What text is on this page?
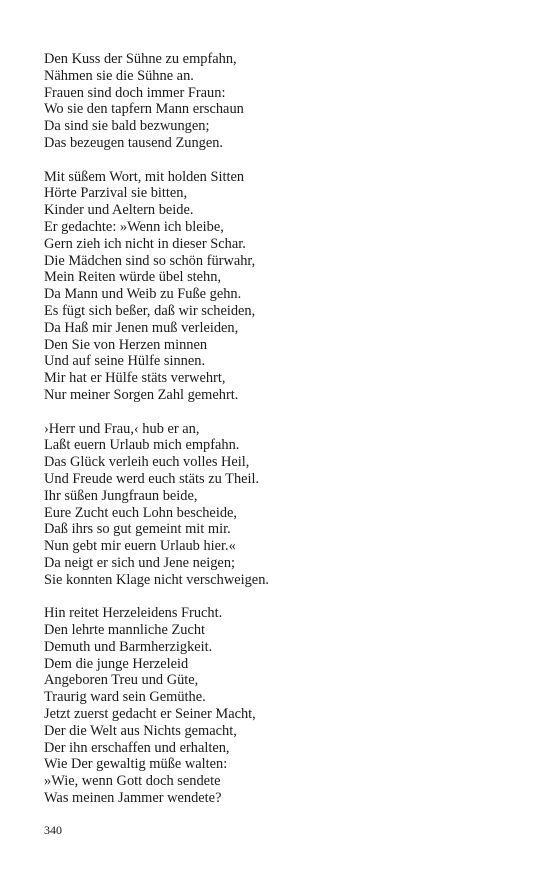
Den Kuss der Sühne zu empfahn,
Nähmen sie die Sühne an.
Frauen sind doch immer Fraun:
Wo sie den tapfern Mann erschaun
Da sind sie bald bezwungen;
Das bezeugen tausend Zungen.
Mit süßem Wort, mit holden Sitten
Hörte Parzival sie bitten,
Kinder und Aeltern beide.
Er gedachte: »Wenn ich bleibe,
Gern zieh ich nicht in dieser Schar.
Die Mädchen sind so schön fürwahr,
Mein Reiten würde übel stehn,
Da Mann und Weib zu Fuße gehn.
Es fügt sich beßer, daß wir scheiden,
Da Haß mir Jenen muß verleiden,
Den Sie von Herzen minnen
Und auf seine Hülfe sinnen.
Mir hat er Hülfe stäts verwehrt,
Nur meiner Sorgen Zahl gemehrt.
›Herr und Frau,‹ hub er an,
Laßt euern Urlaub mich empfahn.
Das Glück verleih euch volles Heil,
Und Freude werd euch stäts zu Theil.
Ihr süßen Jungfraun beide,
Eure Zucht euch Lohn bescheide,
Daß ihrs so gut gemeint mit mir.
Nun gebt mir euern Urlaub hier.«
Da neigt er sich und Jene neigen;
Sie konnten Klage nicht verschweigen.
Hin reitet Herzeleidens Frucht.
Den lehrte mannliche Zucht
Demuth und Barmherzigkeit.
Dem die junge Herzeleid
Angeboren Treu und Güte,
Traurig ward sein Gemüthe.
Jetzt zuerst gedacht er Seiner Macht,
Der die Welt aus Nichts gemacht,
Der ihn erschaffen und erhalten,
Wie Der gewaltig müße walten:
»Wie, wenn Gott doch sendete
Was meinen Jammer wendete?
340
